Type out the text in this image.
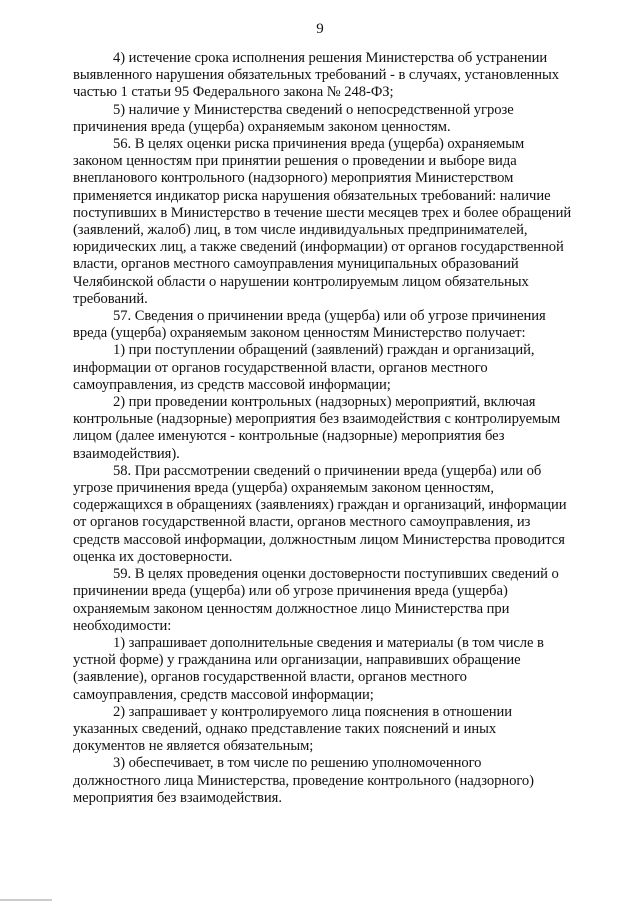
9

4) истечение срока исполнения решения Министерства об устранении
выявленного нарушения обязательных требований - в случаях, установленных
частью 1 статьи 95 Федерального закона № 248-ФЗ;

5) наличие у Министерства сведений о непосредственной угрозе
причинения вреда (ущерба) охраняемым законом ценностям.

56. В целях оценки риска причинения вреда (ущерба) охраняемым
законом ценностям при принятии решения о проведении и выборе вида
внепланового контрольного (надзорного) мероприятия Министерством
применяется индикатор риска нарушения обязательных требований: наличие
поступивших в Министерство в течение шести месяцев трех и более обращений
(заявлений, жалоб) лиц, в том числе индивидуальных предпринимателей,
юридических лиц, а также сведений (информации) от органов государственной
власти, органов местного самоуправления муниципальных образований
Челябинской области о нарушении контролируемым лицом обязательных
требований.

57. Сведения о причинении вреда (ущерба) или об угрозе причинения
вреда (ущерба) охраняемым законом ценностям Министерство получает:

1) при поступлении обращений (заявлений) граждан и организаций,
информации от органов государственной власти, органов местного
самоуправления, из средств массовой информации;

2) при проведении контрольных (надзорных) мероприятий, включая
контрольные (надзорные) мероприятия без взаимодействия с контролируемым
лицом (далее именуются - контрольные (надзорные) мероприятия без
взаимодействия).

58. При рассмотрении сведений о причинении вреда (ущерба) или об
угрозе причинения вреда (ущерба) охраняемым законом ценностям,
содержащихся в обращениях (заявлениях) граждан и организаций, информации
от органов государственной власти, органов местного самоуправления, из
средств массовой информации, должностным лицом Министерства проводится
оценка их достоверности.

59. В целях проведения оценки достоверности поступивших сведений о
причинении вреда (ущерба) или об угрозе причинения вреда (ущерба)
охраняемым законом ценностям должностное лицо Министерства при
необходимости:

1) запрашивает дополнительные сведения и материалы (в том числе в
устной форме) у гражданина или организации, направивших обращение
(заявление), органов государственной власти, органов местного
самоуправления, средств массовой информации;

2) запрашивает у контролируемого лица пояснения в отношении
указанных сведений, однако представление таких пояснений и иных
документов не является обязательным;

3) обеспечивает, в том числе по решению уполномоченного
должностного лица Министерства, проведение контрольного (надзорного)
мероприятия без взаимодействия.
